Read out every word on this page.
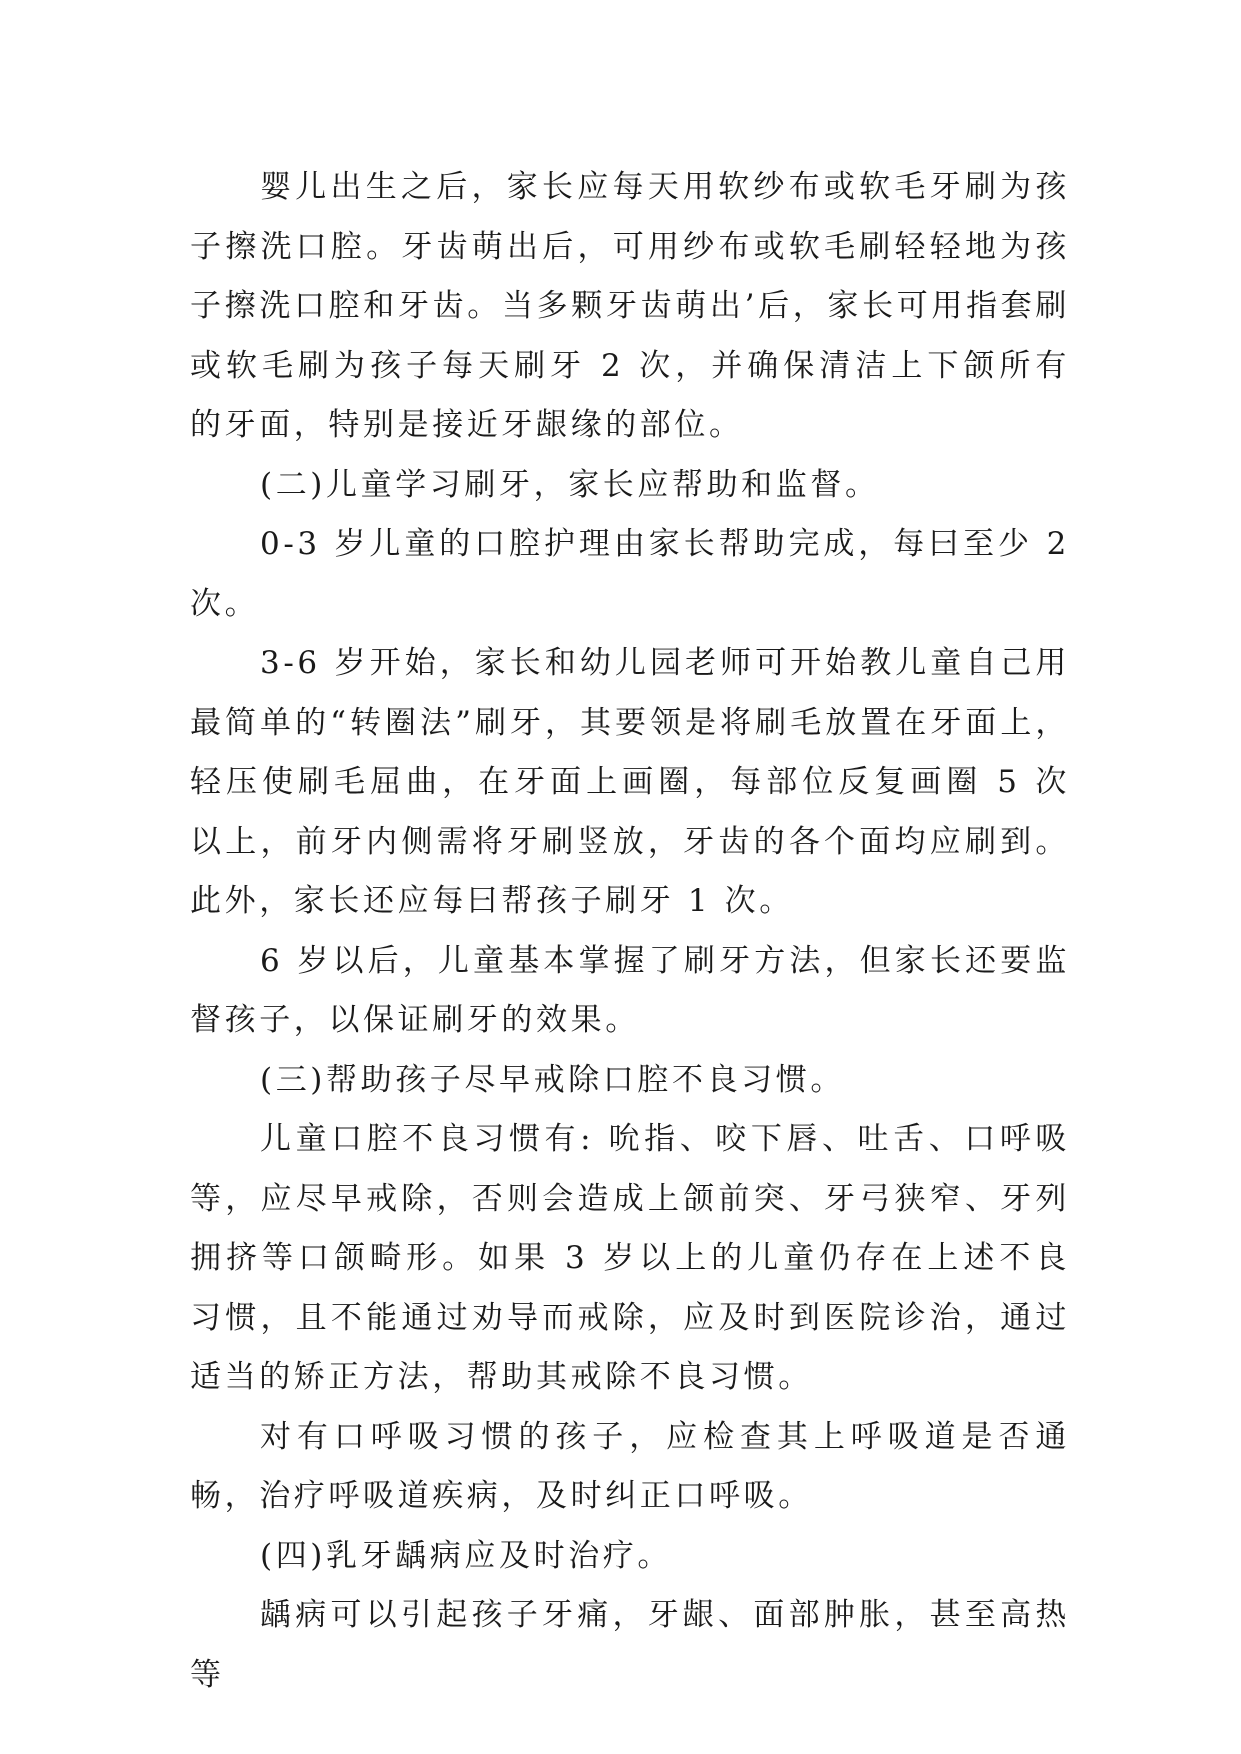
婴儿出生之后，家长应每天用软纱布或软毛牙刷为孩子擦洗口腔。牙齿萌出后，可用纱布或软毛刷轻轻地为孩子擦洗口腔和牙齿。当多颗牙齿萌出’后，家长可用指套刷或软毛刷为孩子每天刷牙 2 次，并确保清洁上下颌所有的牙面，特别是接近牙龈缘的部位。

(二)儿童学习刷牙，家长应帮助和监督。

0-3 岁儿童的口腔护理由家长帮助完成，每曰至少 2 次。

3-6 岁开始，家长和幼儿园老师可开始教儿童自己用最简单的“转圈法”刷牙，其要领是将刷毛放置在牙面上，轻压使刷毛屈曲，在牙面上画圈，每部位反复画圈 5 次以上，前牙内侧需将牙刷竖放，牙齿的各个面均应刷到。此外，家长还应每曰帮孩子刷牙 1 次。

6 岁以后，儿童基本掌握了刷牙方法，但家长还要监督孩子，以保证刷牙的效果。

(三)帮助孩子尽早戒除口腔不良习惯。

儿童口腔不良习惯有: 吮指、咬下唇、吐舌、口呼吸等，应尽早戒除，否则会造成上颌前突、牙弓狭窄、牙列拥挤等口颌畸形。如果 3 岁以上的儿童仍存在上述不良习惯，且不能通过劝导而戒除，应及时到医院诊治，通过适当的矫正方法，帮助其戒除不良习惯。

对有口呼吸习惯的孩子，应检查其上呼吸道是否通畅，治疗呼吸道疾病，及时纠正口呼吸。

(四)乳牙龋病应及时治疗。

龋病可以引起孩子牙痛，牙龈、面部肿胀，甚至高热等
